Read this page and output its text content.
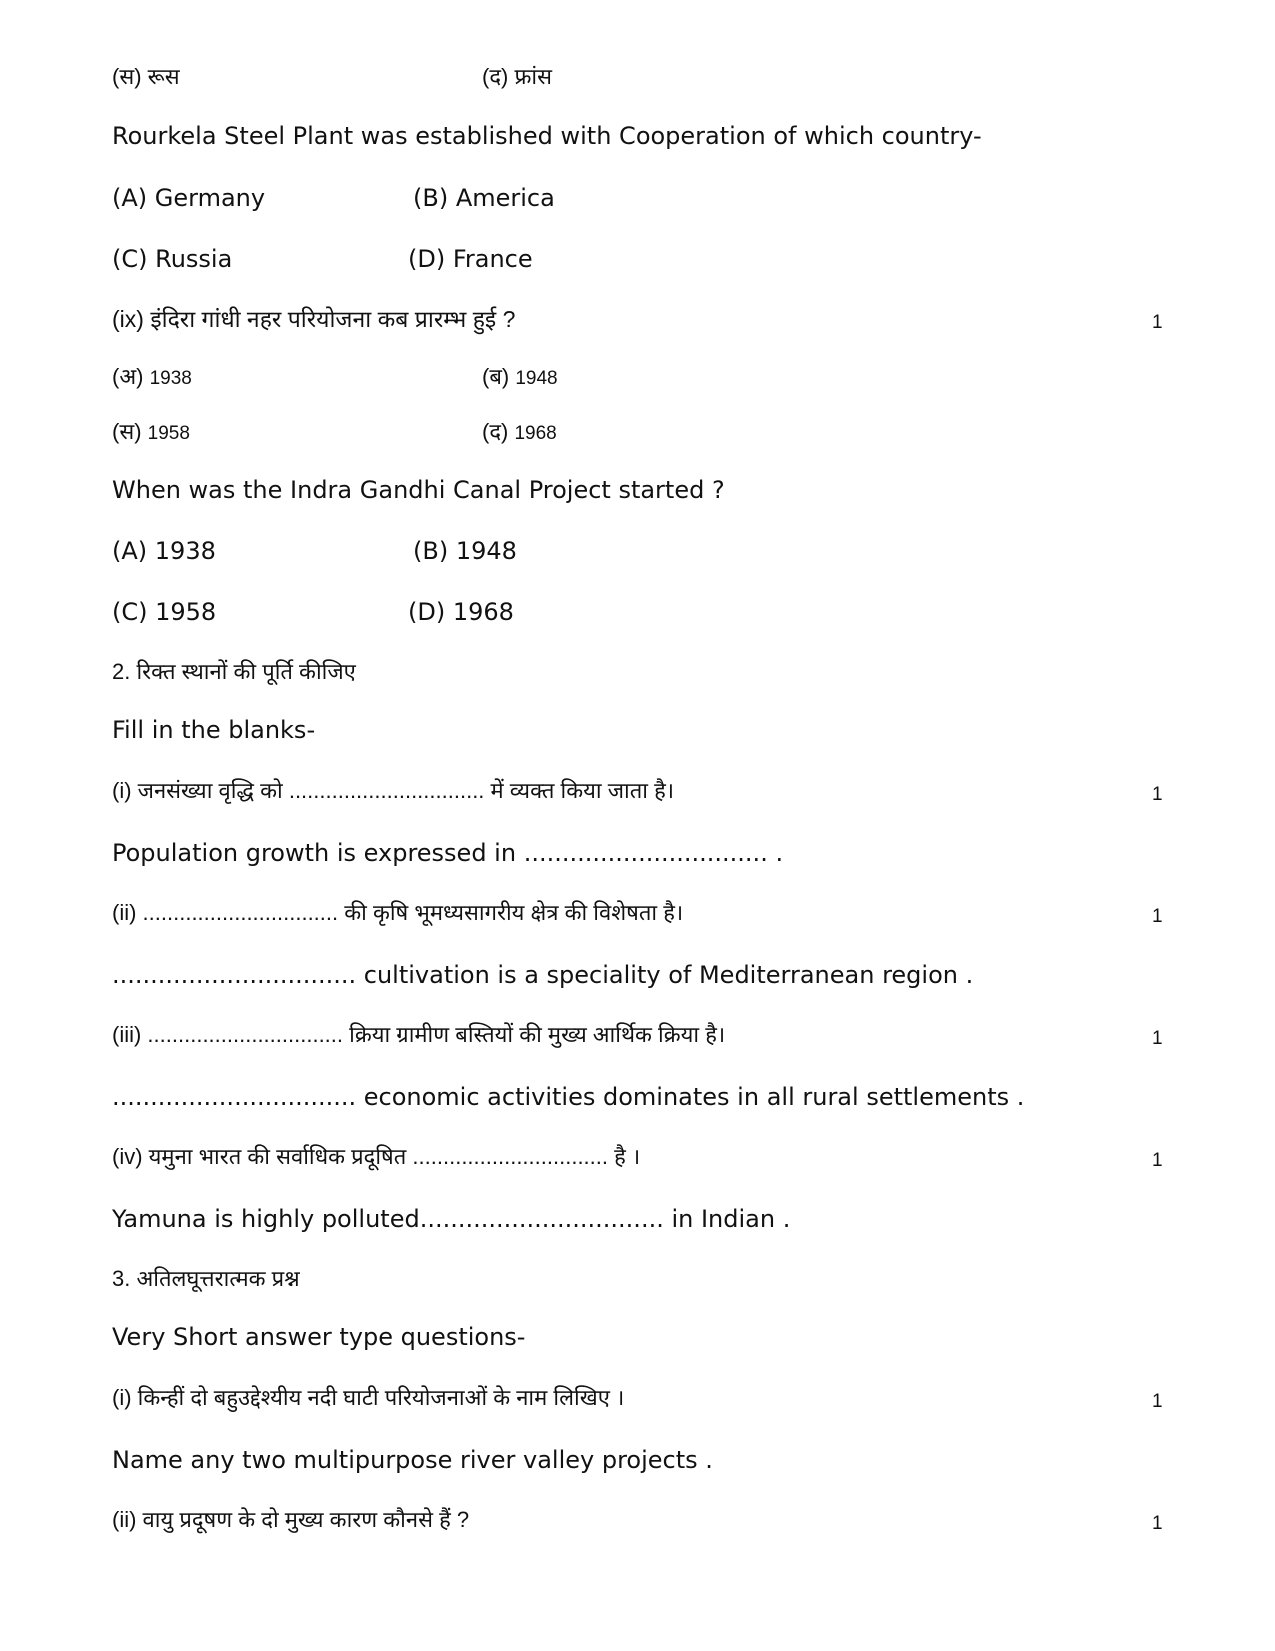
(स) रूस	(द) फ्रांस
Rourkela Steel Plant was established with Cooperation of which country-
(A) Germany	(B) America
(C) Russia	(D) France
(ix) इंदिरा गांधी नहर परियोजना कब प्रारम्भ हुई ?	1
(अ) 1938	(ब) 1948
(स) 1958	(द) 1968
When was the Indra Gandhi Canal Project started ?
(A) 1938	(B) 1948
(C) 1958	(D) 1968
2. रिक्त स्थानों की पूर्ति कीजिए
Fill in the blanks-
(i) जनसंख्या वृद्धि को ................................ में व्यक्त किया जाता है।	1
Population growth is expressed in ................................ .
(ii) ................................ की कृषि भूमध्यसागरीय क्षेत्र की विशेषता है।	1
................................ cultivation is a speciality of Mediterranean region .
(iii) ................................ क्रिया ग्रामीण बस्तियों की मुख्य आर्थिक क्रिया है।	1
................................ economic activities dominates in all rural settlements .
(iv) यमुना भारत की सर्वाधिक प्रदूषित ................................ है ।	1
Yamuna is highly polluted................................ in Indian .
3. अतिलघूत्तरात्मक प्रश्न
Very Short answer type questions-
(i) किन्हीं दो बहुउद्देश्यीय नदी घाटी परियोजनाओं के नाम लिखिए ।	1
Name any two multipurpose river valley projects .
(ii) वायु प्रदूषण के दो मुख्य कारण कौनसे हैं ?	1
